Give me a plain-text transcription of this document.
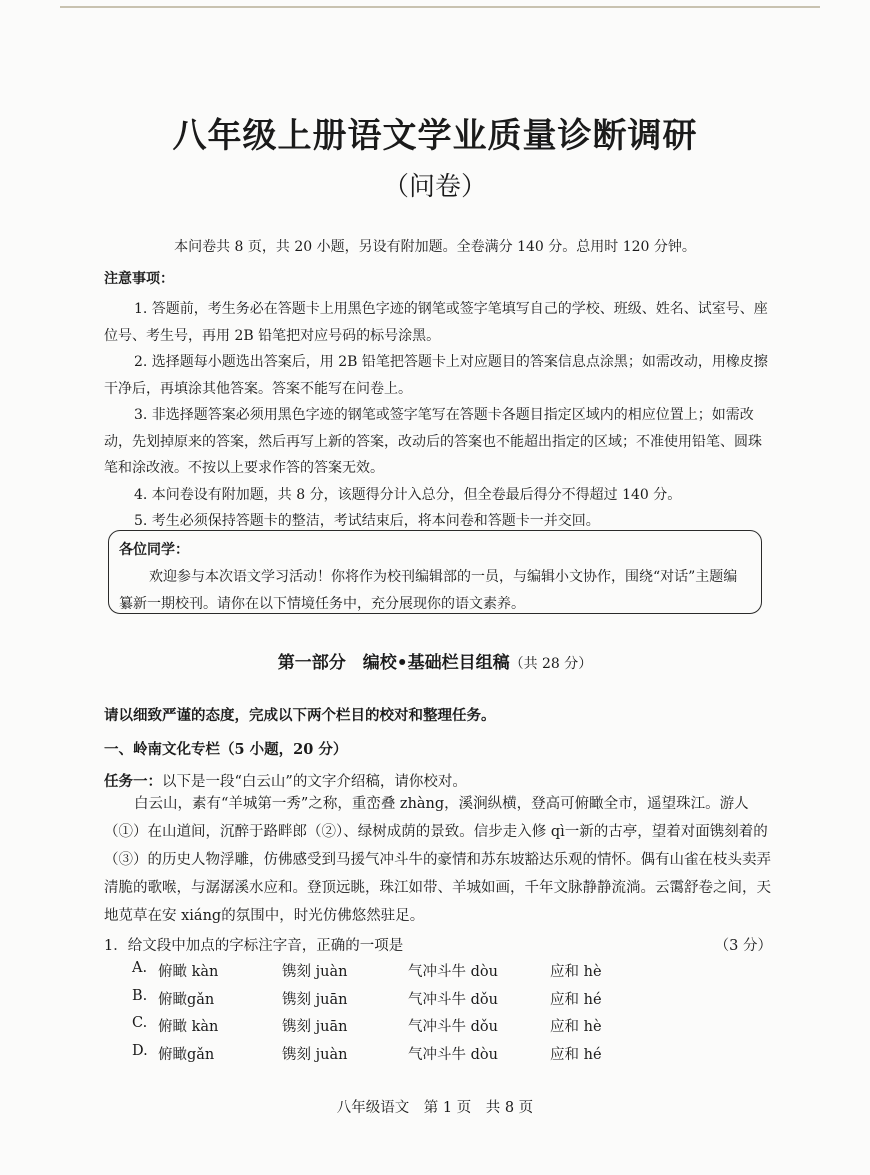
八年级上册语文学业质量诊断调研
（问卷）
本问卷共 8 页，共 20 小题，另设有附加题。全卷满分 140 分。总用时 120 分钟。
注意事项：

1. 答题前，考生务必在答题卡上用黑色字迹的钢笔或签字笔填写自己的学校、班级、姓名、试室号、座位号、考生号，再用 2B 铅笔把对应号码的标号涂黑。

2. 选择题每小题选出答案后，用 2B 铅笔把答题卡上对应题目的答案信息点涂黑；如需改动，用橡皮擦干净后，再填涂其他答案。答案不能写在问卷上。

3. 非选择题答案必须用黑色字迹的钢笔或签字笔写在答题卡各题目指定区域内的相应位置上；如需改动，先划掉原来的答案，然后再写上新的答案，改动后的答案也不能超出指定的区域；不准使用铅笔、圆珠笔和涂改液。不按以上要求作答的答案无效。

4. 本问卷设有附加题，共 8 分，该题得分计入总分，但全卷最后得分不得超过 140 分。

5. 考生必须保持答题卡的整洁，考试结束后，将本问卷和答题卡一并交回。

各位同学：

欢迎参与本次语文学习活动！你将作为校刊编辑部的一员，与编辑小文协作，围绕“对话”主题编纂新一期校刊。请你在以下情境任务中，充分展现你的语文素养。

第一部分　编校•基础栏目组稿（共 28 分）
请以细致严谨的态度，完成以下两个栏目的校对和整理任务。
一、岭南文化专栏（5 小题，20 分）
任务一：以下是一段“白云山”的文字介绍稿，请你校对。

白云山，素有“羊城第一秀”之称，重峦叠 zhàng，溪涧纵横，登高可俯瞰全市，遥望珠江。游人（①）在山道间，沉醉于路畔郎（②）、绿树成荫的景致。信步走入修 qì一新的古亭，望着对面镌刻着的（③）的历史人物浮雕，仿佛感受到马援气冲斗牛的豪情和苏东坡豁达乐观的情怀。偶有山雀在枝头卖弄清脆的歌喉，与潺潺溪水应和。登顶远眺，珠江如带、羊城如画，千年文脉静静流淌。云霭舒卷之间，天地苋草在安 xiáng的氛围中，时光仿佛悠然驻足。

1．给文段中加点的字标注字音，正确的一项是	（3 分）
A. 俯瞰 kàn	镌刻 juàn	气冲斗牛 dòu	应和 hè
B. 俯瞰gǎn	镌刻 juān	气冲斗牛 dǒu	应和 hé
C. 俯瞰 kàn	镌刻 juān	气冲斗牛 dǒu	应和 hè
D. 俯瞰gǎn	镌刻 juàn	气冲斗牛 dòu	应和 hé
八年级语文　第 1 页　共 8 页
